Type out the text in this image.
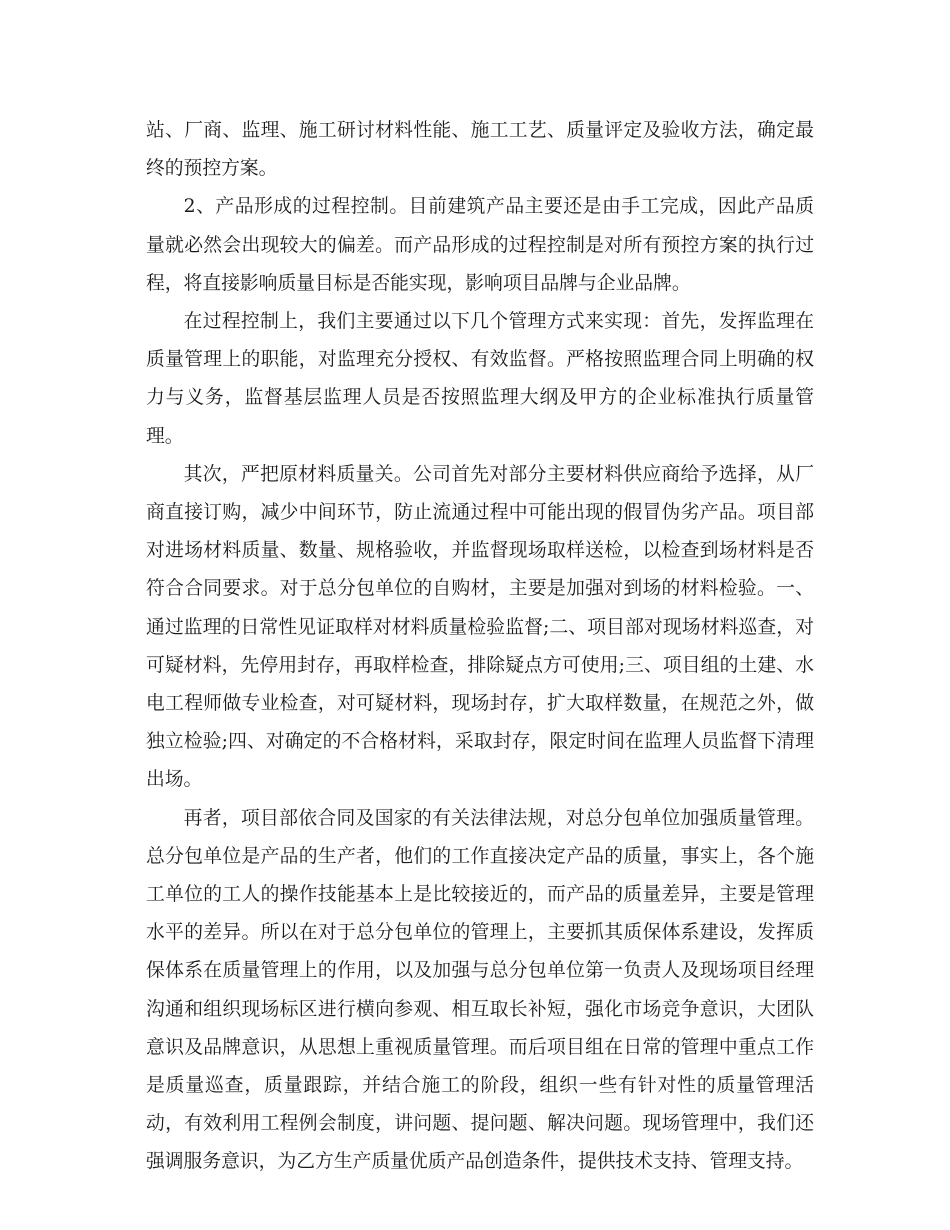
站、厂商、监理、施工研讨材料性能、施工工艺、质量评定及验收方法，确定最终的预控方案。

2、产品形成的过程控制。目前建筑产品主要还是由手工完成，因此产品质量就必然会出现较大的偏差。而产品形成的过程控制是对所有预控方案的执行过程，将直接影响质量目标是否能实现，影响项目品牌与企业品牌。

在过程控制上，我们主要通过以下几个管理方式来实现：首先，发挥监理在质量管理上的职能，对监理充分授权、有效监督。严格按照监理合同上明确的权力与义务，监督基层监理人员是否按照监理大纲及甲方的企业标准执行质量管理。

其次，严把原材料质量关。公司首先对部分主要材料供应商给予选择，从厂商直接订购，减少中间环节，防止流通过程中可能出现的假冒伪劣产品。项目部对进场材料质量、数量、规格验收，并监督现场取样送检，以检查到场材料是否符合合同要求。对于总分包单位的自购材，主要是加强对到场的材料检验。一、通过监理的日常性见证取样对材料质量检验监督;二、项目部对现场材料巡查，对可疑材料，先停用封存，再取样检查，排除疑点方可使用;三、项目组的土建、水电工程师做专业检查，对可疑材料，现场封存，扩大取样数量，在规范之外，做独立检验;四、对确定的不合格材料，采取封存，限定时间在监理人员监督下清理出场。

再者，项目部依合同及国家的有关法律法规，对总分包单位加强质量管理。总分包单位是产品的生产者，他们的工作直接决定产品的质量，事实上，各个施工单位的工人的操作技能基本上是比较接近的，而产品的质量差异，主要是管理水平的差异。所以在对于总分包单位的管理上，主要抓其质保体系建设，发挥质保体系在质量管理上的作用，以及加强与总分包单位第一负责人及现场项目经理沟通和组织现场标区进行横向参观、相互取长补短，强化市场竞争意识，大团队意识及品牌意识，从思想上重视质量管理。而后项目组在日常的管理中重点工作是质量巡查，质量跟踪，并结合施工的阶段，组织一些有针对性的质量管理活动，有效利用工程例会制度，讲问题、提问题、解决问题。现场管理中，我们还强调服务意识，为乙方生产质量优质产品创造条件，提供技术支持、管理支持。
